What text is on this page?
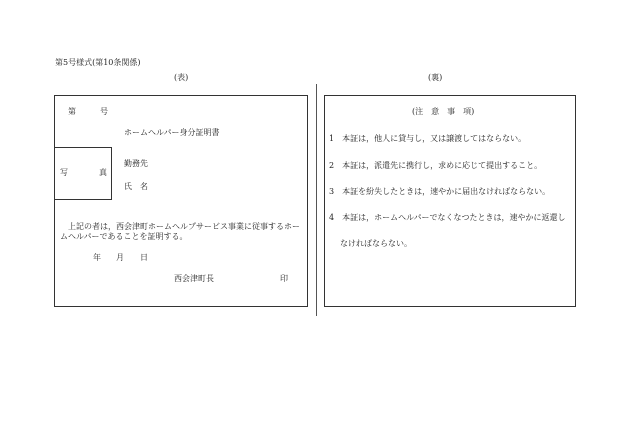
第5号様式(第10条関係)
(表)	(裏)
第	号
ホームヘルパー身分証明書
写	真
勤務先
氏　名
上記の者は，西会津町ホームヘルプサービス事業に従事するホームヘルパーであることを証明する。
年 月 日
西会津町長	印
(注　意　事　項)
1 本証は，他人に貸与し，又は譲渡してはならない。
2 本証は，派遣先に携行し，求めに応じて提出すること。
3 本証を紛失したときは，速やかに届出なければならない。
4 本証は，ホームヘルパーでなくなつたときは，速やかに返還し
なければならない。
